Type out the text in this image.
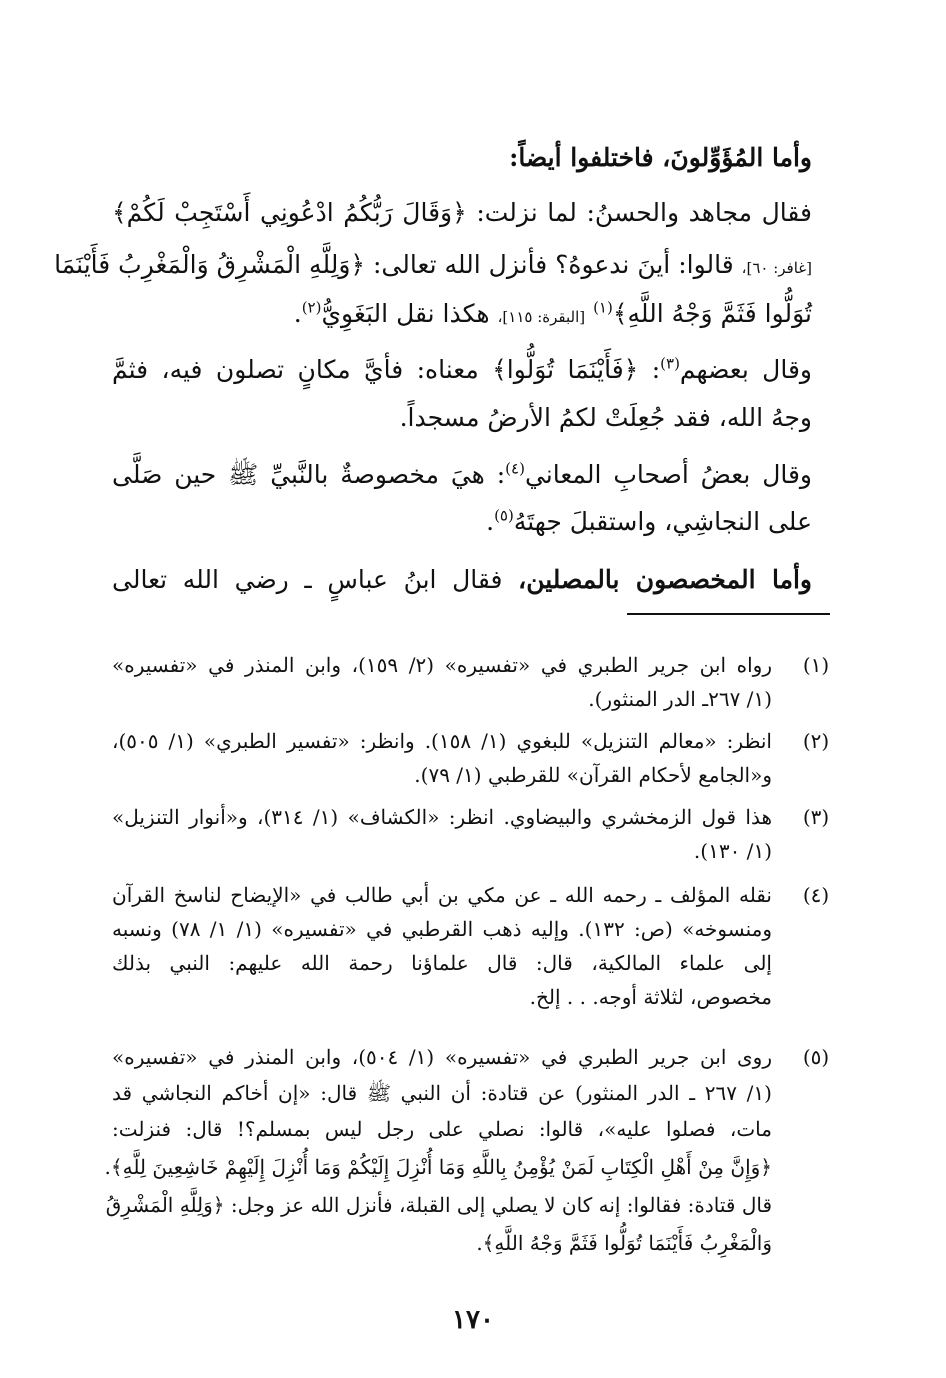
وأما المُؤَوِّلونَ، فاختلفوا أيضاً:
فقال مجاهد والحسنُ: لما نزلت: ﴿وَقَالَ رَبُّكُمُ ادْعُونِي أَسْتَجِبْ لَكُمْ﴾
[غافر: ٦٠]، قالوا: أينَ ندعوهُ؟ فأنزل الله تعالى: ﴿وَلِلَّهِ الْمَشْرِقُ وَالْمَغْرِبُ فَأَيْنَمَا
تُوَلُّوا فَثَمَّ وَجْهُ اللَّهِ﴾$^{(١)}$ [البقرة: ١١٥]، هكذا نقل البَغَوِيُّ$^{(٢)}$.
وقال بعضهم$^{(٣)}$: ﴿فَأَيْنَمَا تُوَلُّوا﴾ معناه: فأيَّ مكانٍ تصلون فيه، فثمَّ
وجهُ الله، فقد جُعِلَتْ لكمُ الأرضُ مسجداً.
وقال بعضُ أصحابِ المعاني$^{(٤)}$: هيَ مخصوصةٌ بالنَّبيِّ ﷺ حين صَلَّى
على النجاشِي، واستقبلَ جهتَهُ$^{(٥)}$.
وأما المخصصون بالمصلين، فقال ابنُ عباسٍ ـ رضي الله تعالى
(١)
رواه ابن جرير الطبري في «تفسيره» (٢/ ١٥٩)، وابن المنذر في «تفسيره»
(١/ ٢٦٧ـ الدر المنثور).
(٢)
انظر: «معالم التنزيل» للبغوي (١/ ١٥٨). وانظر: «تفسير الطبري» (١/ ٥٠٥)،
و«الجامع لأحكام القرآن» للقرطبي (١/ ٧٩).
(٣)
هذا قول الزمخشري والبيضاوي. انظر: «الكشاف» (١/ ٣١٤)، و«أنوار التنزيل»
(١/ ١٣٠).
(٤)
نقله المؤلف ـ رحمه الله ـ عن مكي بن أبي طالب في «الإيضاح لناسخ القرآن
ومنسوخه» (ص: ١٣٢). وإليه ذهب القرطبي في «تفسيره» (١/ ١/ ٧٨) ونسبه
إلى علماء المالكية، قال: قال علماؤنا رحمة الله عليهم: النبي بذلك
مخصوص، لثلاثة أوجه. . . إلخ.
(٥)
روى ابن جرير الطبري في «تفسيره» (١/ ٥٠٤)، وابن المنذر في «تفسيره»
(١/ ٢٦٧ ـ الدر المنثور) عن قتادة: أن النبي ﷺ قال: «إن أخاكم النجاشي قد
مات، فصلوا عليه»، قالوا: نصلي على رجل ليس بمسلم؟! قال: فنزلت:
﴿وَإِنَّ مِنْ أَهْلِ الْكِتَابِ لَمَنْ يُؤْمِنُ بِاللَّهِ وَمَا أُنْزِلَ إِلَيْكُمْ وَمَا أُنْزِلَ إِلَيْهِمْ خَاشِعِينَ لِلَّهِ﴾.
قال قتادة: فقالوا: إنه كان لا يصلي إلى القبلة، فأنزل الله عز وجل: ﴿وَلِلَّهِ الْمَشْرِقُ
وَالْمَغْرِبُ فَأَيْنَمَا تُوَلُّوا فَثَمَّ وَجْهُ اللَّهِ﴾.
١٧٠
